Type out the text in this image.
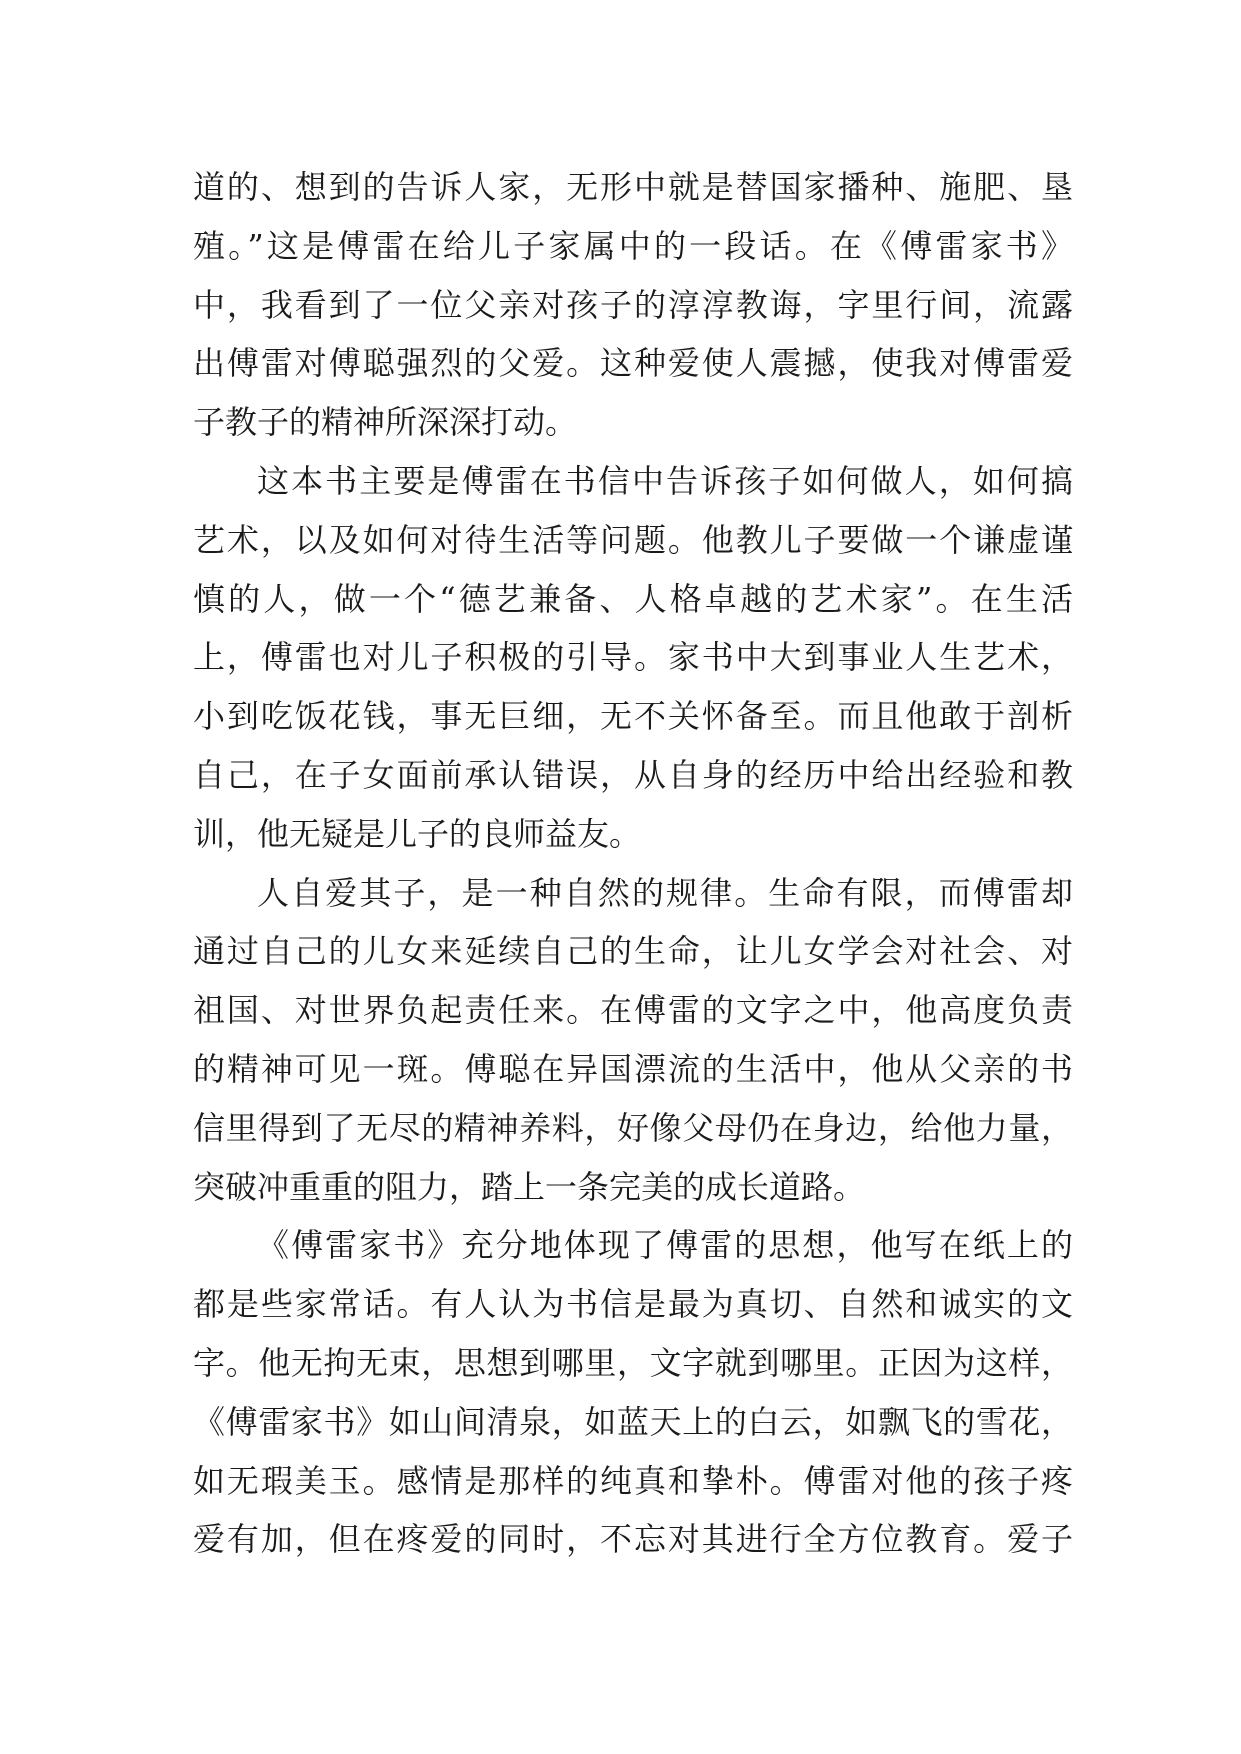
道的、想到的告诉人家，无形中就是替国家播种、施肥、垦
殖。”这是傅雷在给儿子家属中的一段话。在《傅雷家书》
中，我看到了一位父亲对孩子的淳淳教诲，字里行间，流露
出傅雷对傅聪强烈的父爱。这种爱使人震撼，使我对傅雷爱
子教子的精神所深深打动。
这本书主要是傅雷在书信中告诉孩子如何做人，如何搞
艺术，以及如何对待生活等问题。他教儿子要做一个谦虚谨
慎的人，做一个“德艺兼备、人格卓越的艺术家”。在生活
上，傅雷也对儿子积极的引导。家书中大到事业人生艺术，
小到吃饭花钱，事无巨细，无不关怀备至。而且他敢于剖析
自己，在子女面前承认错误，从自身的经历中给出经验和教
训，他无疑是儿子的良师益友。
人自爱其子，是一种自然的规律。生命有限，而傅雷却
通过自己的儿女来延续自己的生命，让儿女学会对社会、对
祖国、对世界负起责任来。在傅雷的文字之中，他高度负责
的精神可见一斑。傅聪在异国漂流的生活中，他从父亲的书
信里得到了无尽的精神养料，好像父母仍在身边，给他力量，
突破冲重重的阻力，踏上一条完美的成长道路。
《傅雷家书》充分地体现了傅雷的思想，他写在纸上的
都是些家常话。有人认为书信是最为真切、自然和诚实的文
字。他无拘无束，思想到哪里，文字就到哪里。正因为这样，
《傅雷家书》如山间清泉，如蓝天上的白云，如飘飞的雪花，
如无瑕美玉。感情是那样的纯真和挚朴。傅雷对他的孩子疼
爱有加，但在疼爱的同时，不忘对其进行全方位教育。爱子
